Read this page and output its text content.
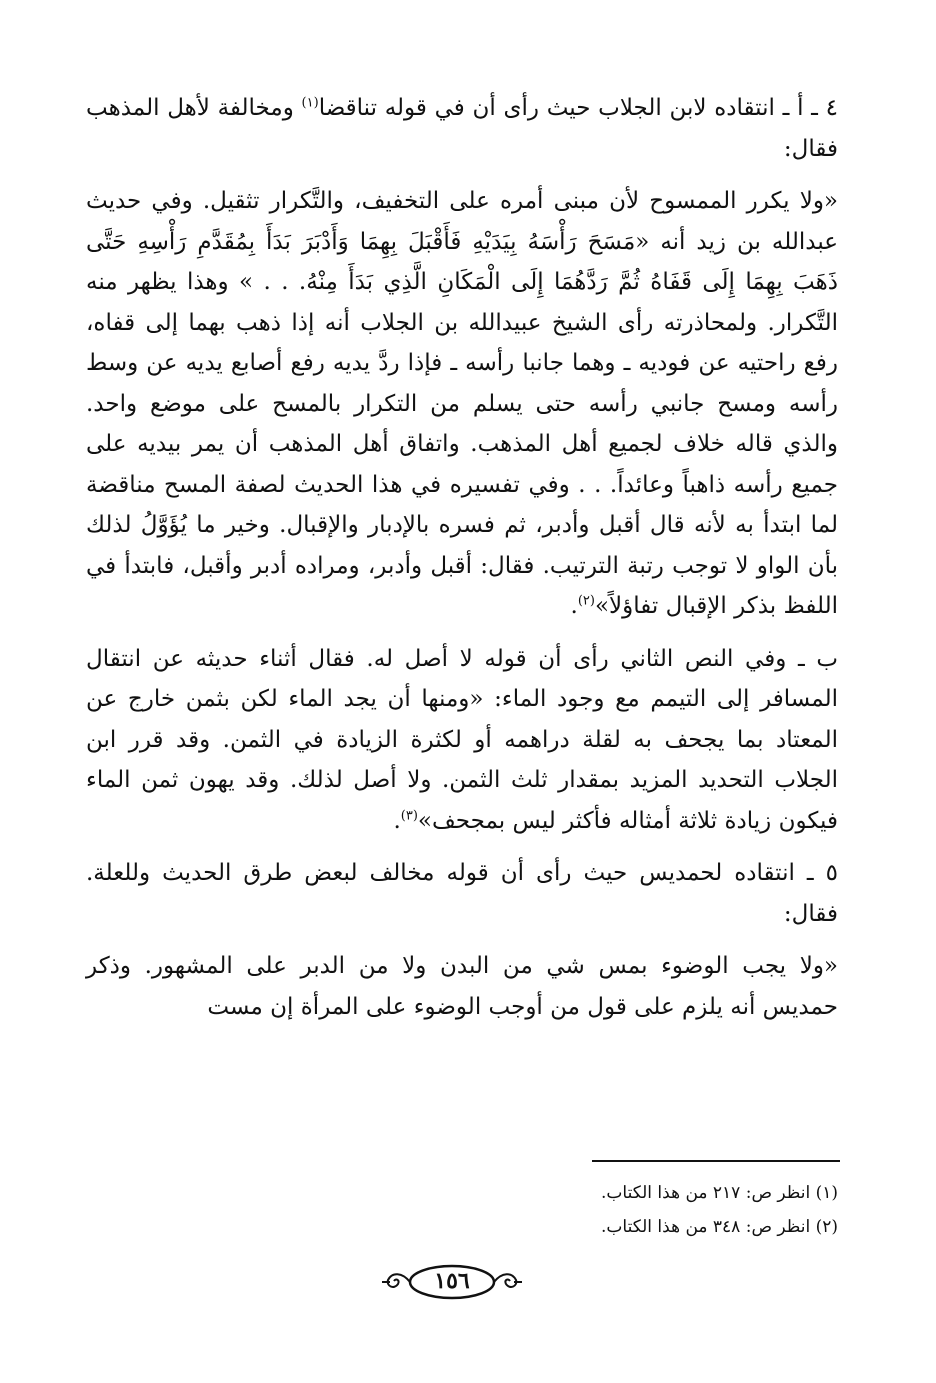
٤ ـ أ ـ انتقاده لابن الجلاب حيث رأى أن في قوله تناقضا$^{(١)}$ ومخالفة لأهل المذهب فقال:

«ولا يكرر الممسوح لأن مبنى أمره على التخفيف، والتَّكرار تثقيل. وفي حديث عبدالله بن زيد أنه «مَسَحَ رَأْسَهُ بِيَدَيْهِ فَأَقْبَلَ بِهِمَا وَأَدْبَرَ بَدَأَ بِمُقَدَّمِ رَأْسِهِ حَتَّى ذَهَبَ بِهِمَا إِلَى قَفَاهُ ثُمَّ رَدَّهُمَا إِلَى الْمَكَانِ الَّذِي بَدَأَ مِنْهُ. . . » وهذا يظهر منه التَّكرار. ولمحاذرته رأى الشيخ عبيدالله بن الجلاب أنه إذا ذهب بهما إلى قفاه، رفع راحتيه عن فوديه ـ وهما جانبا رأسه ـ فإذا ردَّ يديه رفع أصابع يديه عن وسط رأسه ومسح جانبي رأسه حتى يسلم من التكرار بالمسح على موضع واحد. والذي قاله خلاف لجميع أهل المذهب. واتفاق أهل المذهب أن يمر بيديه على جميع رأسه ذاهباً وعائداً. . . وفي تفسيره في هذا الحديث لصفة المسح مناقضة لما ابتدأ به لأنه قال أقبل وأدبر، ثم فسره بالإدبار والإقبال. وخير ما يُؤَوَّلُ لذلك بأن الواو لا توجب رتبة الترتيب. فقال: أقبل وأدبر، ومراده أدبر وأقبل، فابتدأ في اللفظ بذكر الإقبال تفاؤلاً»$^{(٢)}$.

ب ـ وفي النص الثاني رأى أن قوله لا أصل له. فقال أثناء حديثه عن انتقال المسافر إلى التيمم مع وجود الماء: «ومنها أن يجد الماء لكن بثمن خارج عن المعتاد بما يجحف به لقلة دراهمه أو لكثرة الزيادة في الثمن. وقد قرر ابن الجلاب التحديد المزيد بمقدار ثلث الثمن. ولا أصل لذلك. وقد يهون ثمن الماء فيكون زيادة ثلاثة أمثاله فأكثر ليس بمجحف»$^{(٣)}$.

٥ ـ انتقاده لحمديس حيث رأى أن قوله مخالف لبعض طرق الحديث وللعلة. فقال:

«ولا يجب الوضوء بمس شي من البدن ولا من الدبر على المشهور. وذكر حمديس أنه يلزم على قول من أوجب الوضوء على المرأة إن مست

(١) انظر ص: ٢١٧ من هذا الكتاب.

(٢) انظر ص: ٣٤٨ من هذا الكتاب.

١٥٦
